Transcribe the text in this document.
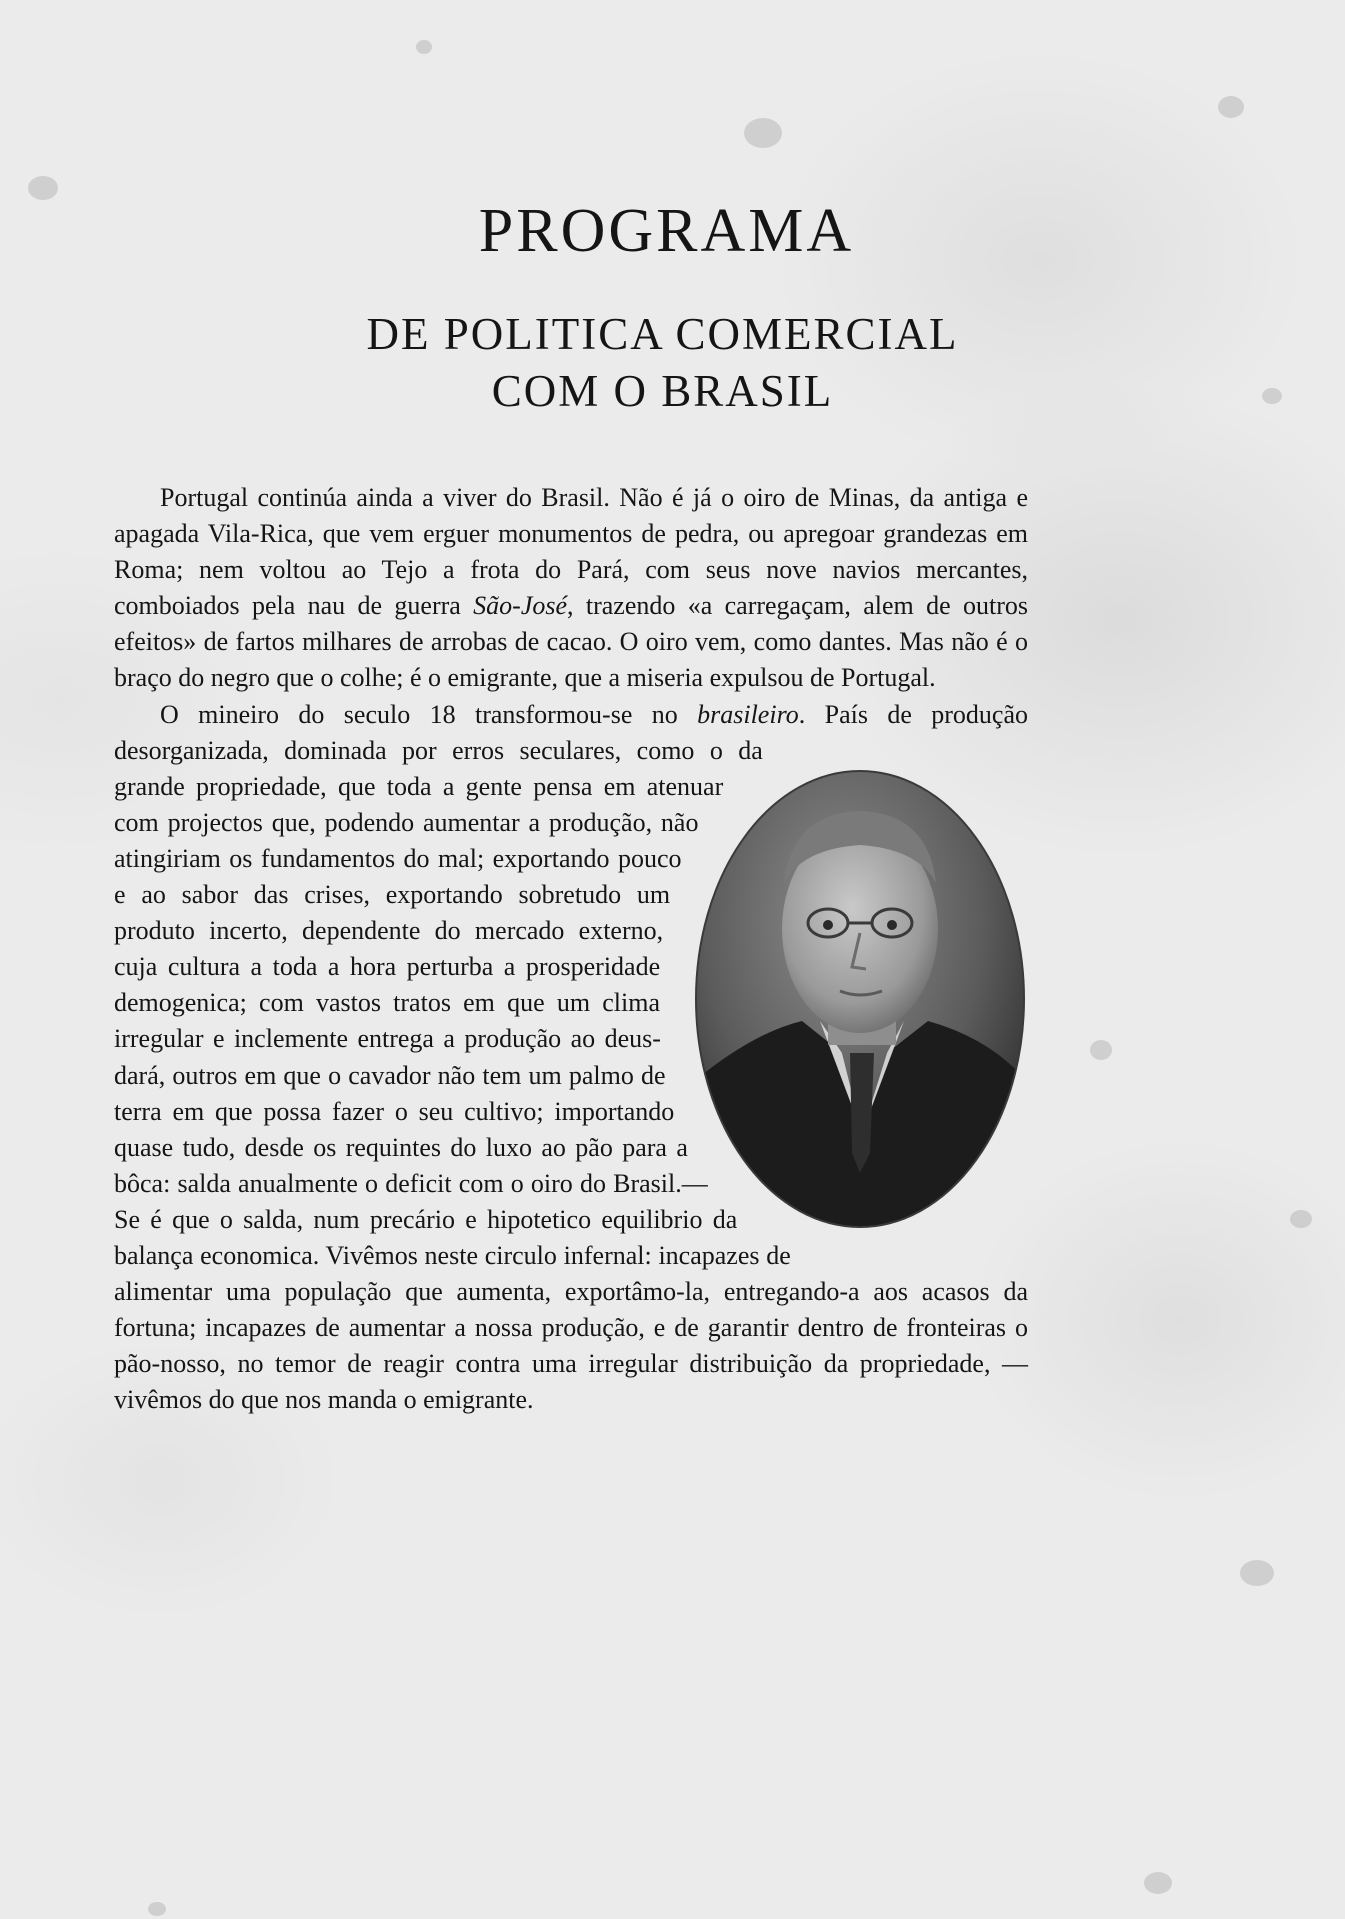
PROGRAMA
DE POLITICA COMERCIAL
COM O BRASIL

Portugal continúa ainda a viver do Brasil. Não é já o oiro de Minas, da antiga e apagada Vila-Rica, que vem erguer monumentos de pedra, ou apregoar grandezas em Roma; nem voltou ao Tejo a frota do Pará, com seus nove navios mercantes, comboiados pela nau de guerra São-José, trazendo «a carregaçam, alem de outros efeitos» de fartos milhares de arrobas de cacao. O oiro vem, como dantes. Mas não é o braço do negro que o colhe; é o emigrante, que a miseria expulsou de Portugal.

O mineiro do seculo 18 transformou-se no brasileiro
. País de produção desorganizada, dominada por erros seculares, como o da grande propriedade, que toda a gente pensa em atenuar com projectos que, podendo aumentar a produção, não atingiriam os fundamentos do mal; exportando pouco e ao sabor das crises, exportando sobretudo um produto incerto, dependente do mercado externo, cuja cultura a toda a hora perturba a prosperidade demogenica; com vastos tratos em que um clima irregular e inclemente entrega a produção ao deus-dará, outros em que o cavador não tem um palmo de terra em que possa fazer o seu cultivo; importando quase tudo, desde os requintes do luxo ao pão para a bôca: salda anualmente o deficit com o oiro do Brasil.— Se é que o salda, num precário e hipotetico equilibrio da balança economica. Vivêmos neste circulo infernal: incapazes de alimentar uma população que aumenta, exportâmo-la, entregando-a aos acasos da fortuna; incapazes de aumentar a nossa produção, e de garantir dentro de fronteiras o pão-nosso, no temor de reagir contra uma irregular distribuição da propriedade, — vivêmos do que nos manda o emigrante.
